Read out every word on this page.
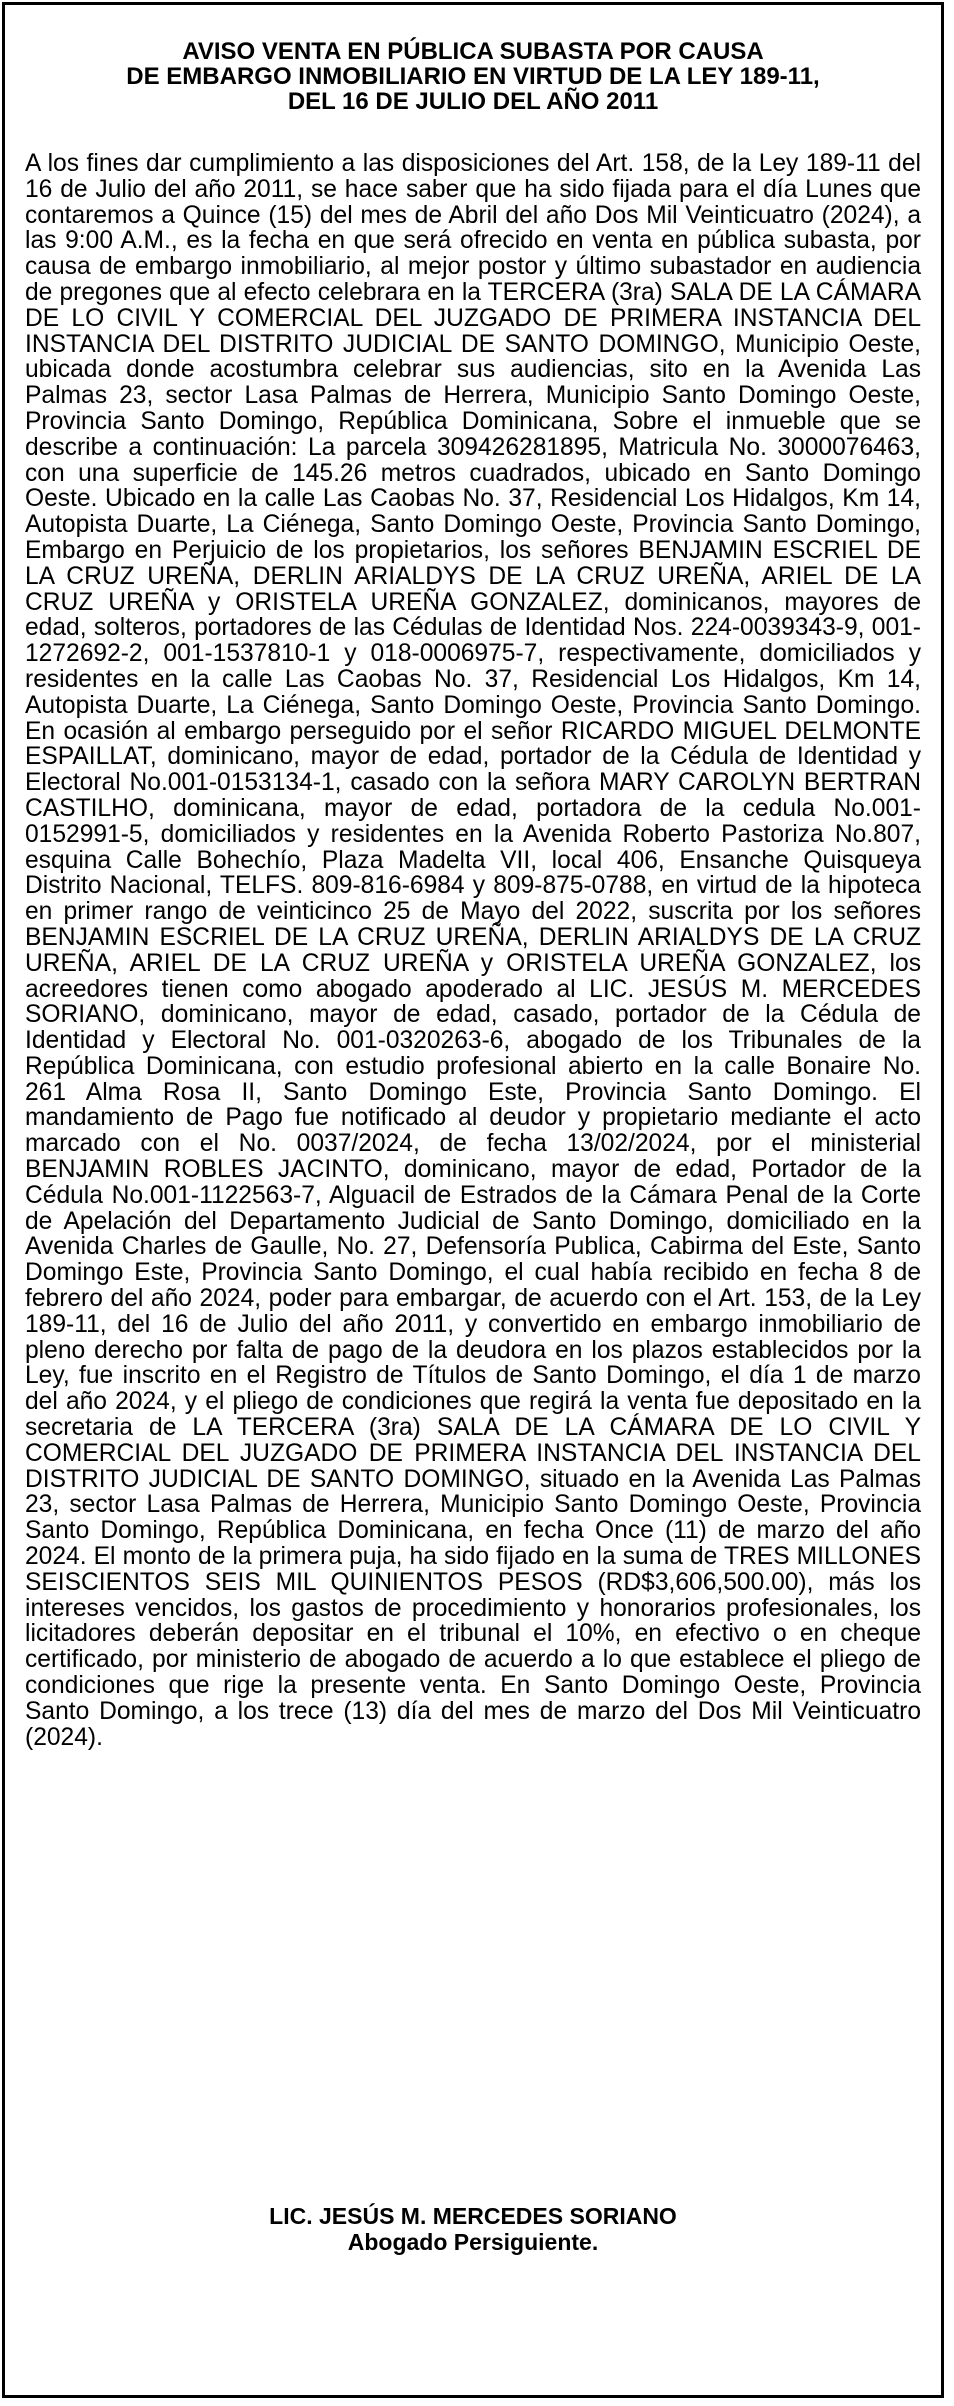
AVISO VENTA EN PÚBLICA SUBASTA POR CAUSA
DE EMBARGO INMOBILIARIO EN VIRTUD DE LA LEY 189-11,
DEL 16 DE JULIO DEL AÑO 2011

A los fines dar cumplimiento a las disposiciones del Art. 158, de la Ley 189-11 del 16 de Julio del año 2011, se hace saber que ha sido fijada para el día Lunes que contaremos a Quince (15) del mes de Abril del año Dos Mil Veinticuatro (2024), a las 9:00 A.M., es la fecha en que será ofrecido en venta en pública subasta, por causa de embargo inmobiliario, al mejor postor y último subastador en audiencia de pregones que al efecto celebrara en la TERCERA (3ra) SALA DE LA CÁMARA DE LO CIVIL Y COMERCIAL DEL JUZGADO DE PRIMERA INSTANCIA DEL INSTANCIA DEL DISTRITO JUDICIAL DE SANTO DOMINGO, Municipio Oeste, ubicada donde acostumbra celebrar sus audiencias, sito en la Avenida Las Palmas 23, sector Lasa Palmas de Herrera, Municipio Santo Domingo Oeste, Provincia Santo Domingo, República Dominicana, Sobre el inmueble que se describe a continuación: La parcela 309426281895, Matricula No. 3000076463, con una superficie de 145.26 metros cuadrados, ubicado en Santo Domingo Oeste. Ubicado en la calle Las Caobas No. 37, Residencial Los Hidalgos, Km 14, Autopista Duarte, La Ciénega, Santo Domingo Oeste, Provincia Santo Domingo, Embargo en Perjuicio de los propietarios, los señores BENJAMIN ESCRIEL DE LA CRUZ UREÑA, DERLIN ARIALDYS DE LA CRUZ UREÑA, ARIEL DE LA CRUZ UREÑA y ORISTELA UREÑA GONZALEZ, dominicanos, mayores de edad, solteros, portadores de las Cédulas de Identidad Nos. 224-0039343-9, 001-1272692-2, 001-1537810-1 y 018-0006975-7, respectivamente, domiciliados y residentes en la calle Las Caobas No. 37, Residencial Los Hidalgos, Km 14, Autopista Duarte, La Ciénega, Santo Domingo Oeste, Provincia Santo Domingo. En ocasión al embargo perseguido por el señor RICARDO MIGUEL DELMONTE ESPAILLAT, dominicano, mayor de edad, portador de la Cédula de Identidad y Electoral No.001-0153134-1, casado con la señora MARY CAROLYN BERTRAN CASTILHO, dominicana, mayor de edad, portadora de la cedula No.001-0152991-5, domiciliados y residentes en la Avenida Roberto Pastoriza No.807, esquina Calle Bohechío, Plaza Madelta VII, local 406, Ensanche Quisqueya Distrito Nacional, TELFS. 809-816-6984 y 809-875-0788, en virtud de la hipoteca en primer rango de veinticinco 25 de Mayo del 2022, suscrita por los señores BENJAMIN ESCRIEL DE LA CRUZ UREÑA, DERLIN ARIALDYS DE LA CRUZ UREÑA, ARIEL DE LA CRUZ UREÑA y ORISTELA UREÑA GONZALEZ, los acreedores tienen como abogado apoderado al LIC. JESÚS M. MERCEDES SORIANO, dominicano, mayor de edad, casado, portador de la Cédula de Identidad y Electoral No. 001-0320263-6, abogado de los Tribunales de la República Dominicana, con estudio profesional abierto en la calle Bonaire No. 261 Alma Rosa II, Santo Domingo Este, Provincia Santo Domingo. El mandamiento de Pago fue notificado al deudor y propietario mediante el acto marcado con el No. 0037/2024, de fecha 13/02/2024, por el ministerial BENJAMIN ROBLES JACINTO, dominicano, mayor de edad, Portador de la Cédula No.001-1122563-7, Alguacil de Estrados de la Cámara Penal de la Corte de Apelación del Departamento Judicial de Santo Domingo, domiciliado en la Avenida Charles de Gaulle, No. 27, Defensoría Publica, Cabirma del Este, Santo Domingo Este, Provincia Santo Domingo, el cual había recibido en fecha 8 de febrero del año 2024, poder para embargar, de acuerdo con el Art. 153, de la Ley 189-11, del 16 de Julio del año 2011, y convertido en embargo inmobiliario de pleno derecho por falta de pago de la deudora en los plazos establecidos por la Ley, fue inscrito en el Registro de Títulos de Santo Domingo, el día 1 de marzo del año 2024, y el pliego de condiciones que regirá la venta fue depositado en la secretaria de LA TERCERA (3ra) SALA DE LA CÁMARA DE LO CIVIL Y COMERCIAL DEL JUZGADO DE PRIMERA INSTANCIA DEL INSTANCIA DEL DISTRITO JUDICIAL DE SANTO DOMINGO, situado en la Avenida Las Palmas 23, sector Lasa Palmas de Herrera, Municipio Santo Domingo Oeste, Provincia Santo Domingo, República Dominicana, en fecha Once (11) de marzo del año 2024. El monto de la primera puja, ha sido fijado en la suma de TRES MILLONES SEISCIENTOS SEIS MIL QUINIENTOS PESOS (RD$3,606,500.00), más los intereses vencidos, los gastos de procedimiento y honorarios profesionales, los licitadores deberán depositar en el tribunal el 10%, en efectivo o en cheque certificado, por ministerio de abogado de acuerdo a lo que establece el pliego de condiciones que rige la presente venta. En Santo Domingo Oeste, Provincia Santo Domingo, a los trece (13) día del mes de marzo del Dos Mil Veinticuatro (2024).

LIC. JESÚS M. MERCEDES SORIANO
Abogado Persiguiente.
